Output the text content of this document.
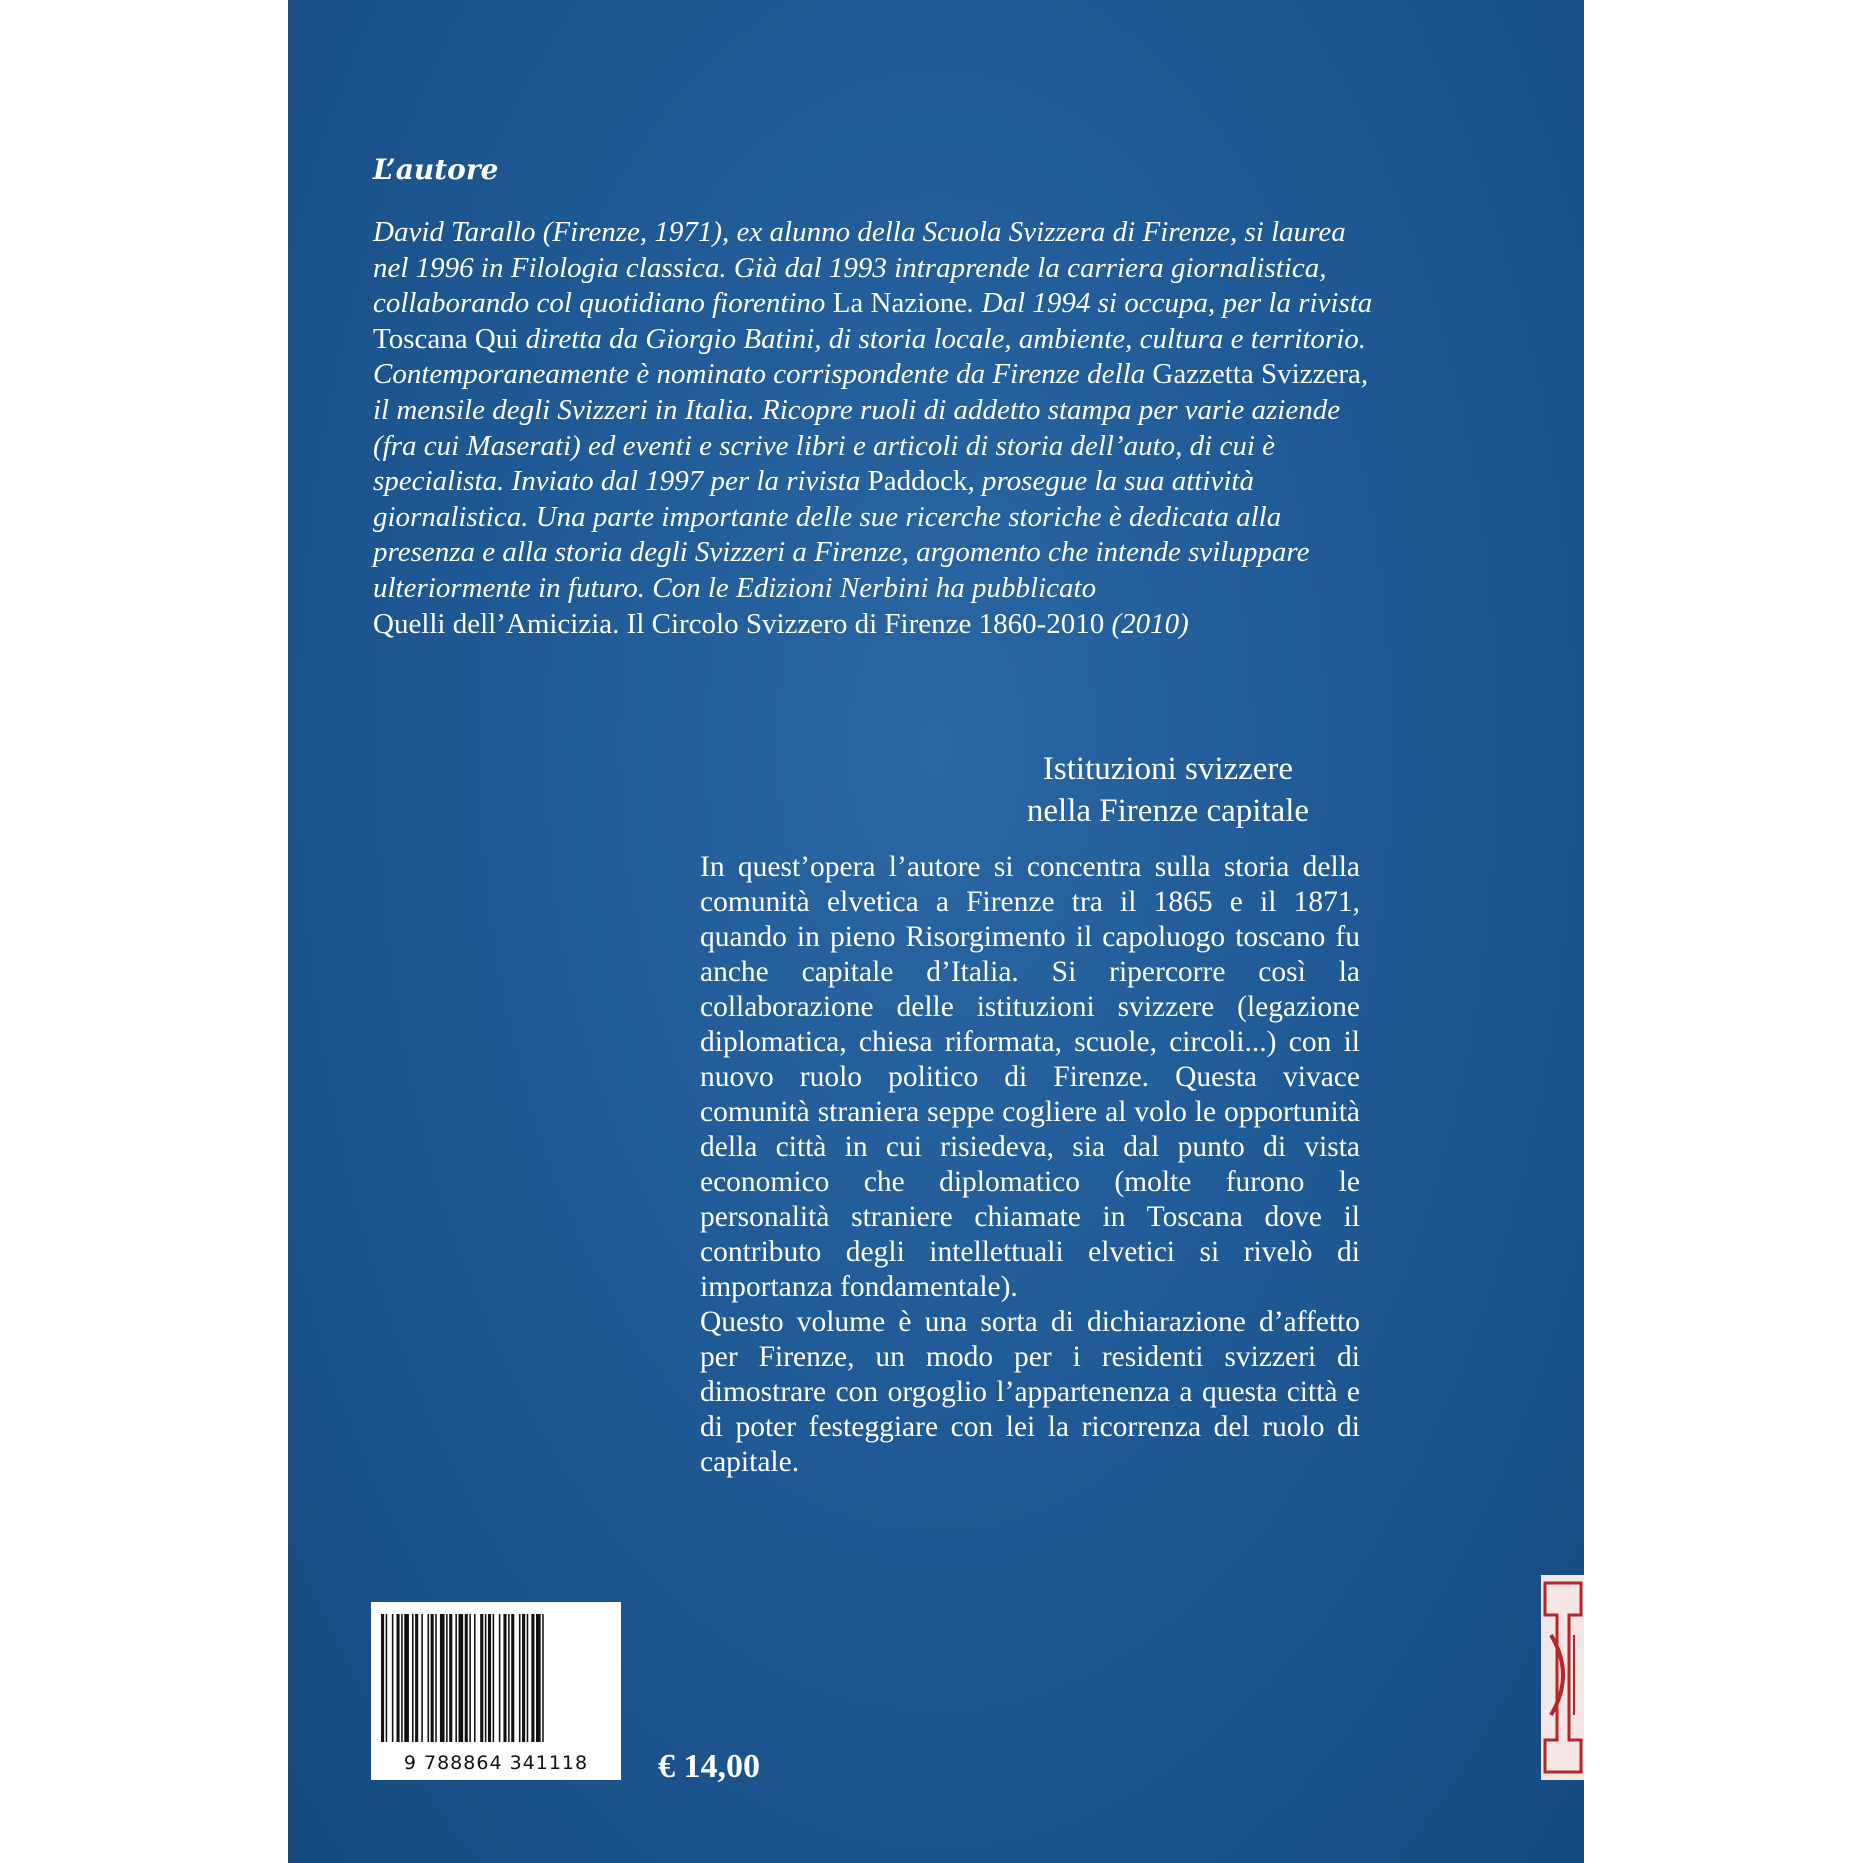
L’autore

David Tarallo (Firenze, 1971), ex alunno della Scuola Svizzera di Firenze, si laurea nel 1996 in Filologia classica. Già dal 1993 intraprende la carriera giornalistica, collaborando col quotidiano fiorentino La Nazione. Dal 1994 si occupa, per la rivista Toscana Qui diretta da Giorgio Batini, di storia locale, ambiente, cultura e territorio. Contemporaneamente è nominato corrispondente da Firenze della Gazzetta Svizzera, il mensile degli Svizzeri in Italia. Ricopre ruoli di addetto stampa per varie aziende (fra cui Maserati) ed eventi e scrive libri e articoli di storia dell’auto, di cui è specialista. Inviato dal 1997 per la rivista Paddock, prosegue la sua attività giornalistica. Una parte importante delle sue ricerche storiche è dedicata alla presenza e alla storia degli Svizzeri a Firenze, argomento che intende sviluppare ulteriormente in futuro. Con le Edizioni Nerbini ha pubblicato
Quelli dell’Amicizia. Il Circolo Svizzero di Firenze 1860-2010 (2010)

Istituzioni svizzere
nella Firenze capitale

In quest’opera l’autore si concentra sulla storia della comunità elvetica a Firenze tra il 1865 e il 1871, quando in pieno Risorgimento il capoluogo toscano fu anche capitale d’Italia. Si ripercorre così la collaborazione delle istituzioni svizzere (legazione diplomatica, chiesa riformata, scuole, circoli...) con il nuovo ruolo politico di Firenze. Questa vivace comunità straniera seppe cogliere al volo le opportunità della città in cui risiedeva, sia dal punto di vista economico che diplomatico (molte furono le personalità straniere chiamate in Toscana dove il contributo degli intellettuali elvetici si rivelò di importanza fondamentale).

Questo volume è una sorta di dichiarazione d’affetto per Firenze, un modo per i residenti svizzeri di dimostrare con orgoglio l’appartenenza a questa città e di poter festeggiare con lei la ricorrenza del ruolo di capitale.

9 788864 341118	€ 14,00
